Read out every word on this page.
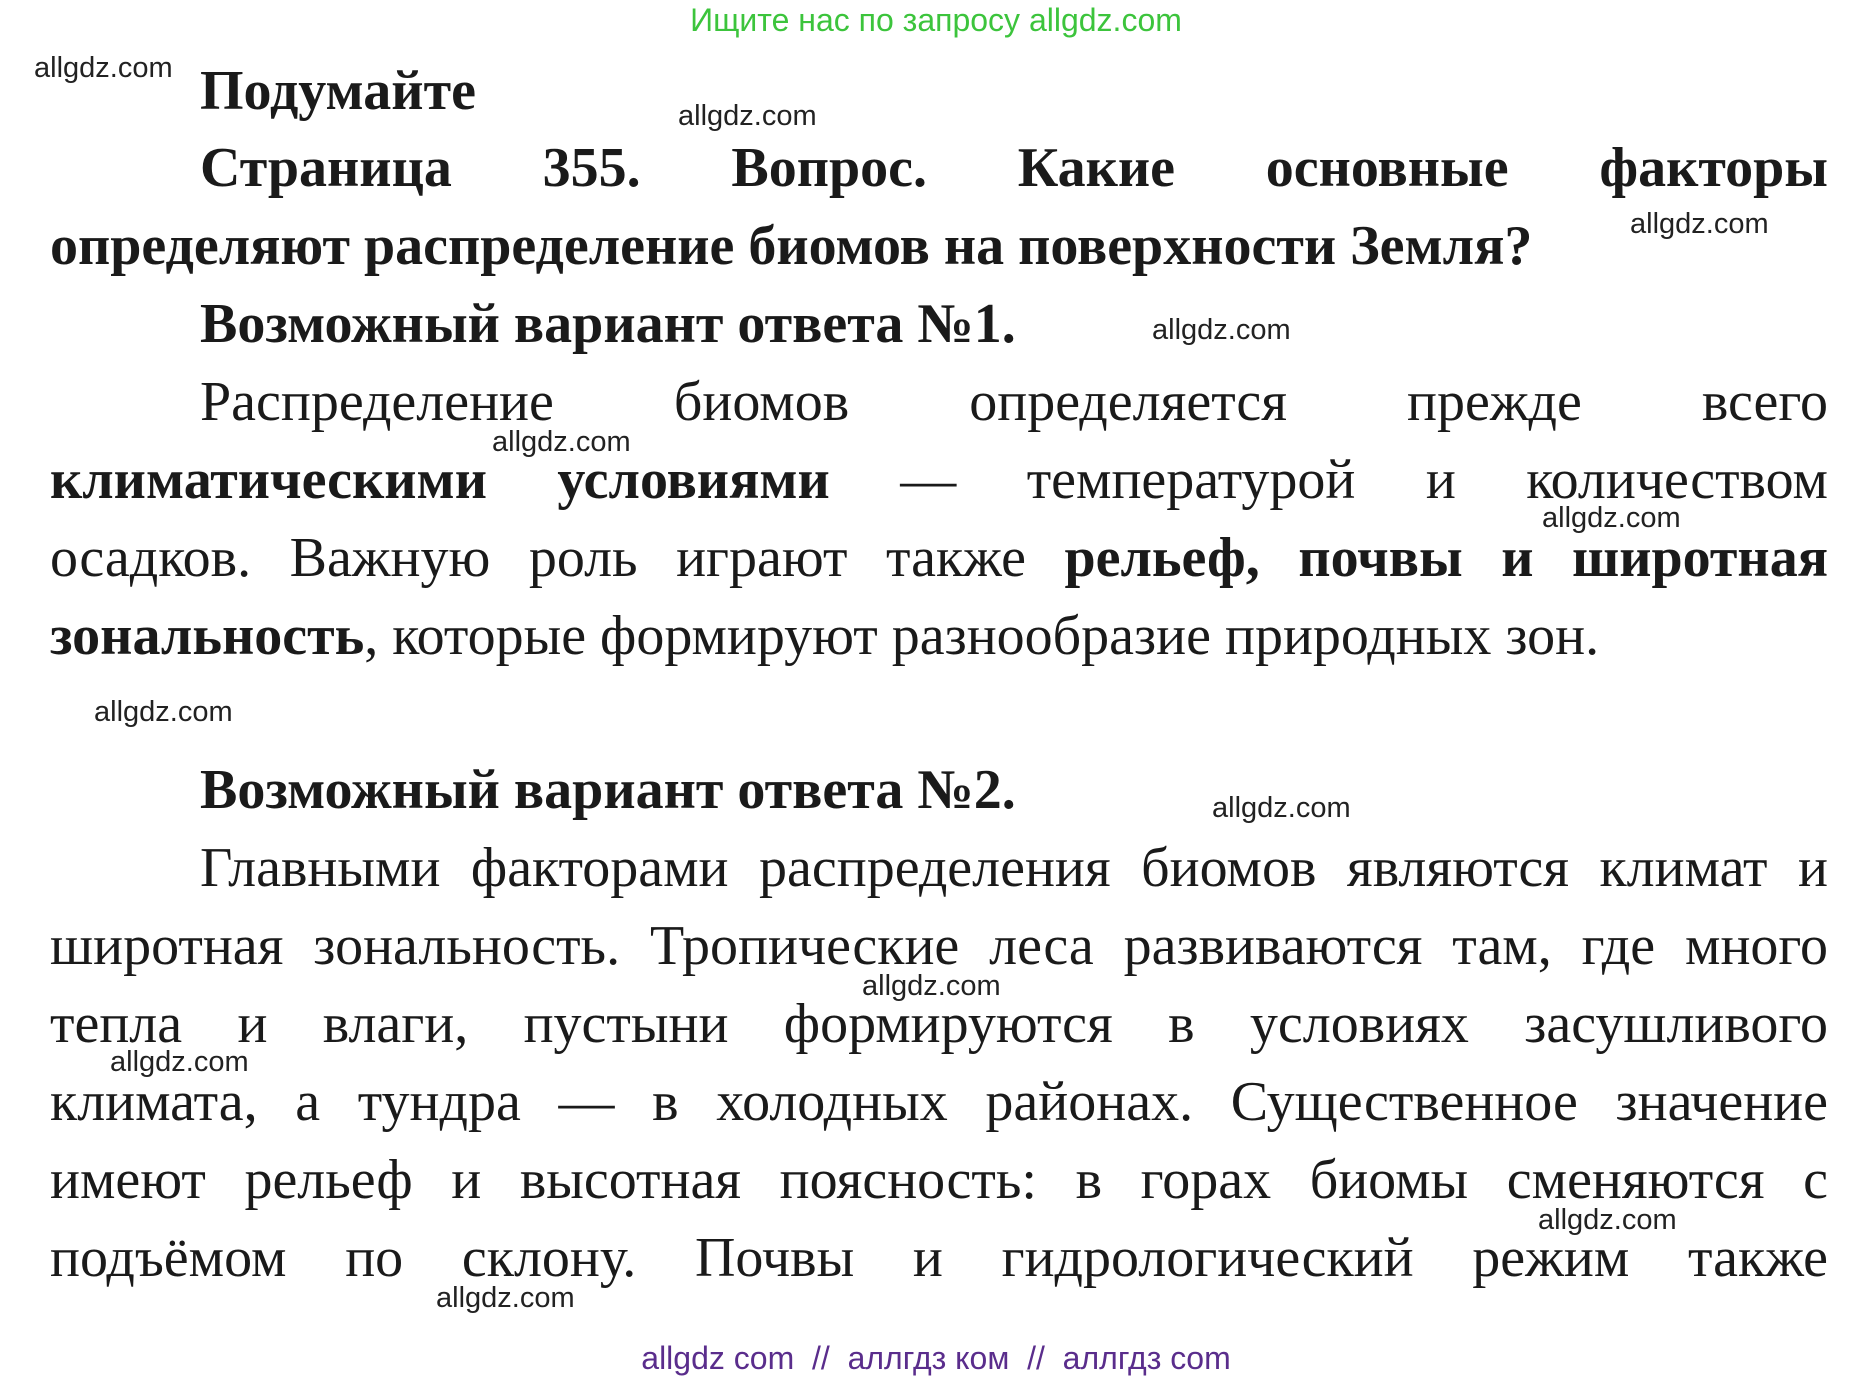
Ищите нас по запросу allgdz.com
Подумайте
Страница 355. Вопрос. Какие основные факторы
определяют распределение биомов на поверхности Земля?
Возможный вариант ответа №1.
Распределение биомов определяется прежде всего
климатическими условиями — температурой и количеством
осадков. Важную роль играют также рельеф, почвы и широтная
зональность, которые формируют разнообразие природных зон.
Возможный вариант ответа №2.
Главными факторами распределения биомов являются климат и
широтная зональность. Тропические леса развиваются там, где много
тепла и влаги, пустыни формируются в условиях засушливого
климата, а тундра — в холодных районах. Существенное значение
имеют рельеф и высотная поясность: в горах биомы сменяются с
подъёмом по склону. Почвы и гидрологический режим также
allgdz.com
allgdz.com
allgdz.com
allgdz.com
allgdz.com
allgdz.com
allgdz.com
allgdz.com
allgdz.com
allgdz.com
allgdz.com
allgdz.com
allgdz com  //  аллгдз ком  //  аллгдз com
